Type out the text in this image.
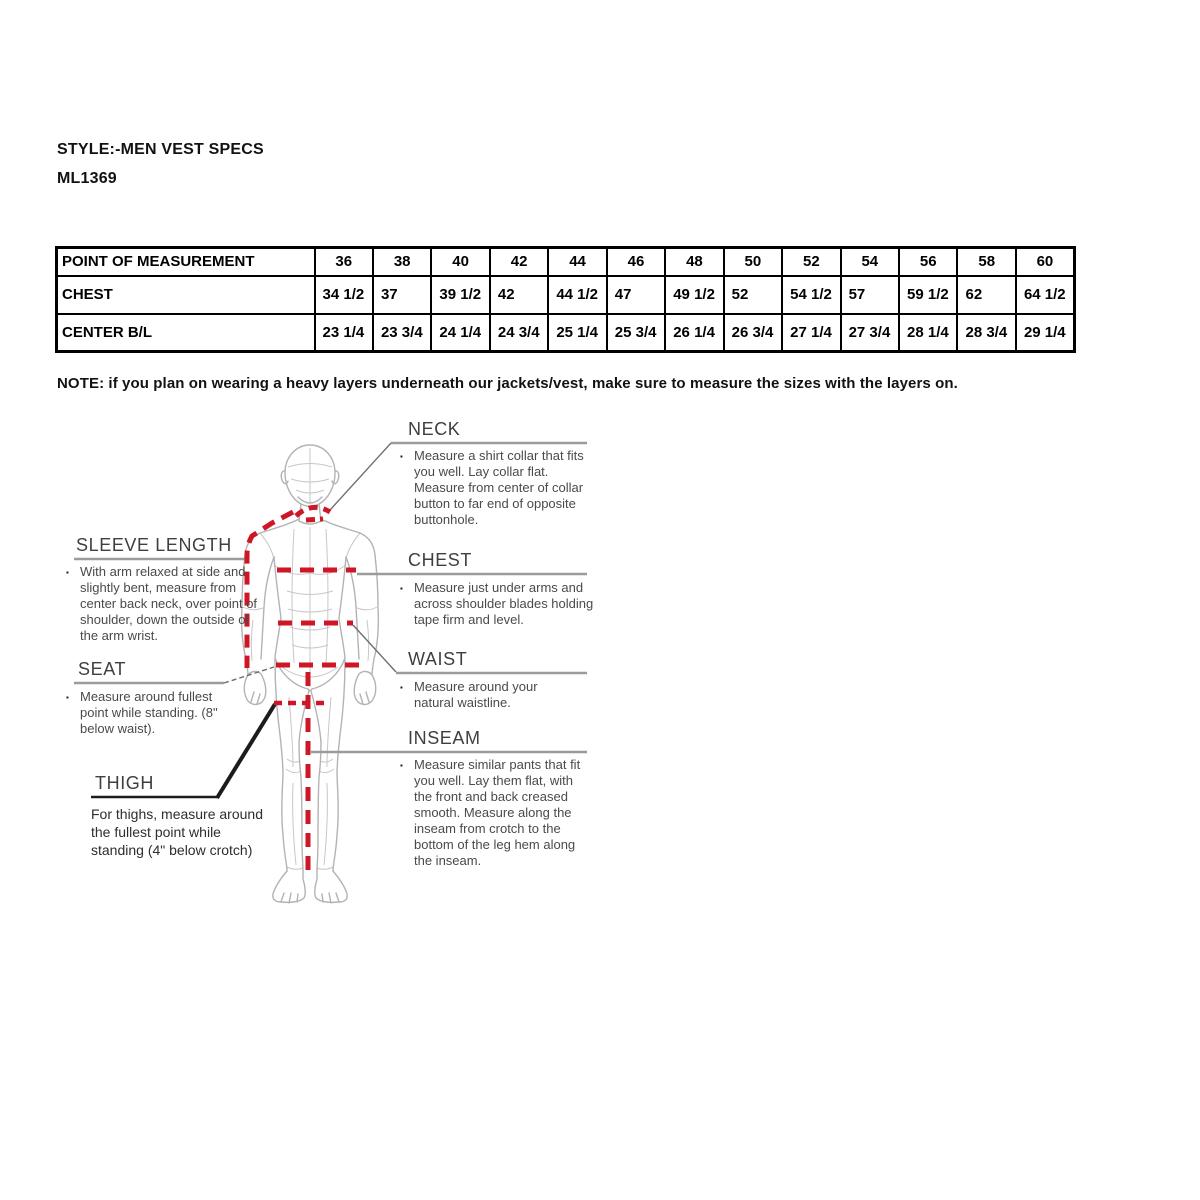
STYLE:-MEN VEST SPECS
ML1369
POINT OF MEASUREMENT	36	38	40	42	44	46	48	50	52	54	56	58	60
CHEST	34 1/2	37	39 1/2	42	44 1/2	47	49 1/2	52	54 1/2	57	59 1/2	62	64 1/2
CENTER B/L	23 1/4	23 3/4	24 1/4	24 3/4	25 1/4	25 3/4	26 1/4	26 3/4	27 1/4	27 3/4	28 1/4	28 3/4	29 1/4
NOTE: if you plan on wearing a heavy layers underneath our jackets/vest, make sure to measure the sizes with the layers on.
NECK
▪ Measure a shirt collar that fits you well. Lay collar flat. Measure from center of collar button to far end of opposite buttonhole.

CHEST
▪ Measure just under arms and across shoulder blades holding tape firm and level.

WAIST
▪ Measure around your natural waistline.

INSEAM
▪ Measure similar pants that fit you well. Lay them flat, with the front and back creased smooth. Measure along the inseam from crotch to the bottom of the leg hem along the inseam.

SLEEVE LENGTH
▪ With arm relaxed at side and slightly bent, measure from center back neck, over point of shoulder, down the outside of the arm wrist.

SEAT
▪ Measure around fullest point while standing. (8" below waist).

THIGH

For thighs, measure around the fullest point while standing (4" below crotch)
